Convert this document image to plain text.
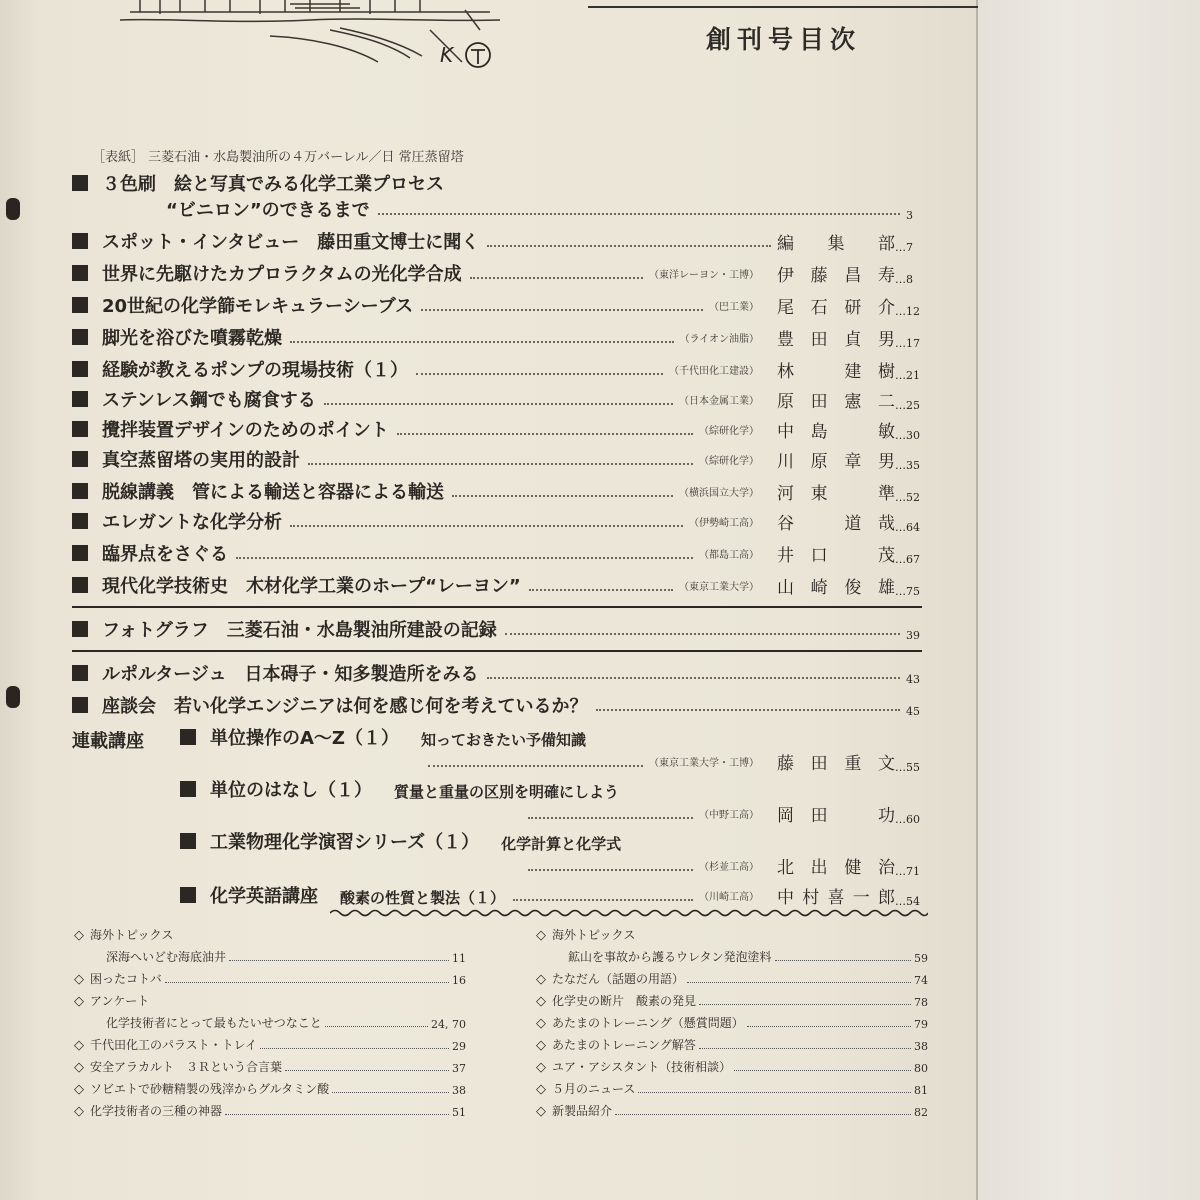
K
創刊号目次
［表紙］ 三菱石油・水島製油所の４万バーレル／日 常圧蒸留塔
３色刷　絵と写真でみる化学工業プロセス
“ビニロン”のできるまで	3
スポット・インタビュー　藤田重文博士に聞く	編集部 … 7
世界に先駆けたカプロラクタムの光化学合成	（東洋レーヨン・工博） 伊藤昌寿 … 8
20世紀の化学篩モレキュラーシーブス	（巴工業） 尾石研介 … 12
脚光を浴びた噴霧乾燥	（ライオン油脂） 豊田貞男 … 17
経験が教えるポンプの現場技術（１）	（千代田化工建設） 林　建樹 … 21
ステンレス鋼でも腐食する	（日本金属工業） 原田憲二 … 25
攪拌装置デザインのためのポイント	（綜研化学） 中島　敏 … 30
真空蒸留塔の実用的設計	（綜研化学） 川原章男 … 35
脱線講義　管による輸送と容器による輸送	（横浜国立大学） 河東　準 … 52
エレガントな化学分析	（伊勢崎工高） 谷　道哉 … 64
臨界点をさぐる	（都島工高） 井口　茂 … 67
現代化学技術史　木材化学工業のホープ“レーヨン”	（東京工業大学） 山崎俊雄 … 75
フォトグラフ　三菱石油・水島製油所建設の記録	39
ルポルタージュ　日本碍子・知多製造所をみる	43
座談会　若い化学エンジニアは何を感じ何を考えているか？	45
連載講座	単位操作のA～Z（１） 知っておきたい予備知識
（東京工業大学・工博） 藤田重文 … 55
単位のはなし（１） 質量と重量の区別を明確にしよう
（中野工高） 岡田　功 … 60
工業物理化学演習シリーズ（１） 化学計算と化学式
（杉並工高） 北出健治 … 71
化学英語講座 酸素の性質と製法（１）	（川崎工高） 中村喜一郎 … 54
◇ 海外トピックス
深海へいどむ海底油井	11
◇ 困ったコトバ	16
◇ アンケート
化学技術者にとって最もたいせつなこと	24, 70
◇ 千代田化工のパラスト・トレイ	29
◇ 安全アラカルト　３Ｒという合言葉	37
◇ ソビエトで砂糖精製の残滓からグルタミン酸	38
◇ 化学技術者の三種の神器	51
◇ 海外トピックス
鉱山を事故から護るウレタン発泡塗料	59
◇ たなだん（話題の用語）	74
◇ 化学史の断片　酸素の発見	78
◇ あたまのトレーニング（懸賞問題）	79
◇ あたまのトレーニング解答	38
◇ ユア・アシスタント（技術相談）	80
◇ ５月のニュース	81
◇ 新製品紹介	82
